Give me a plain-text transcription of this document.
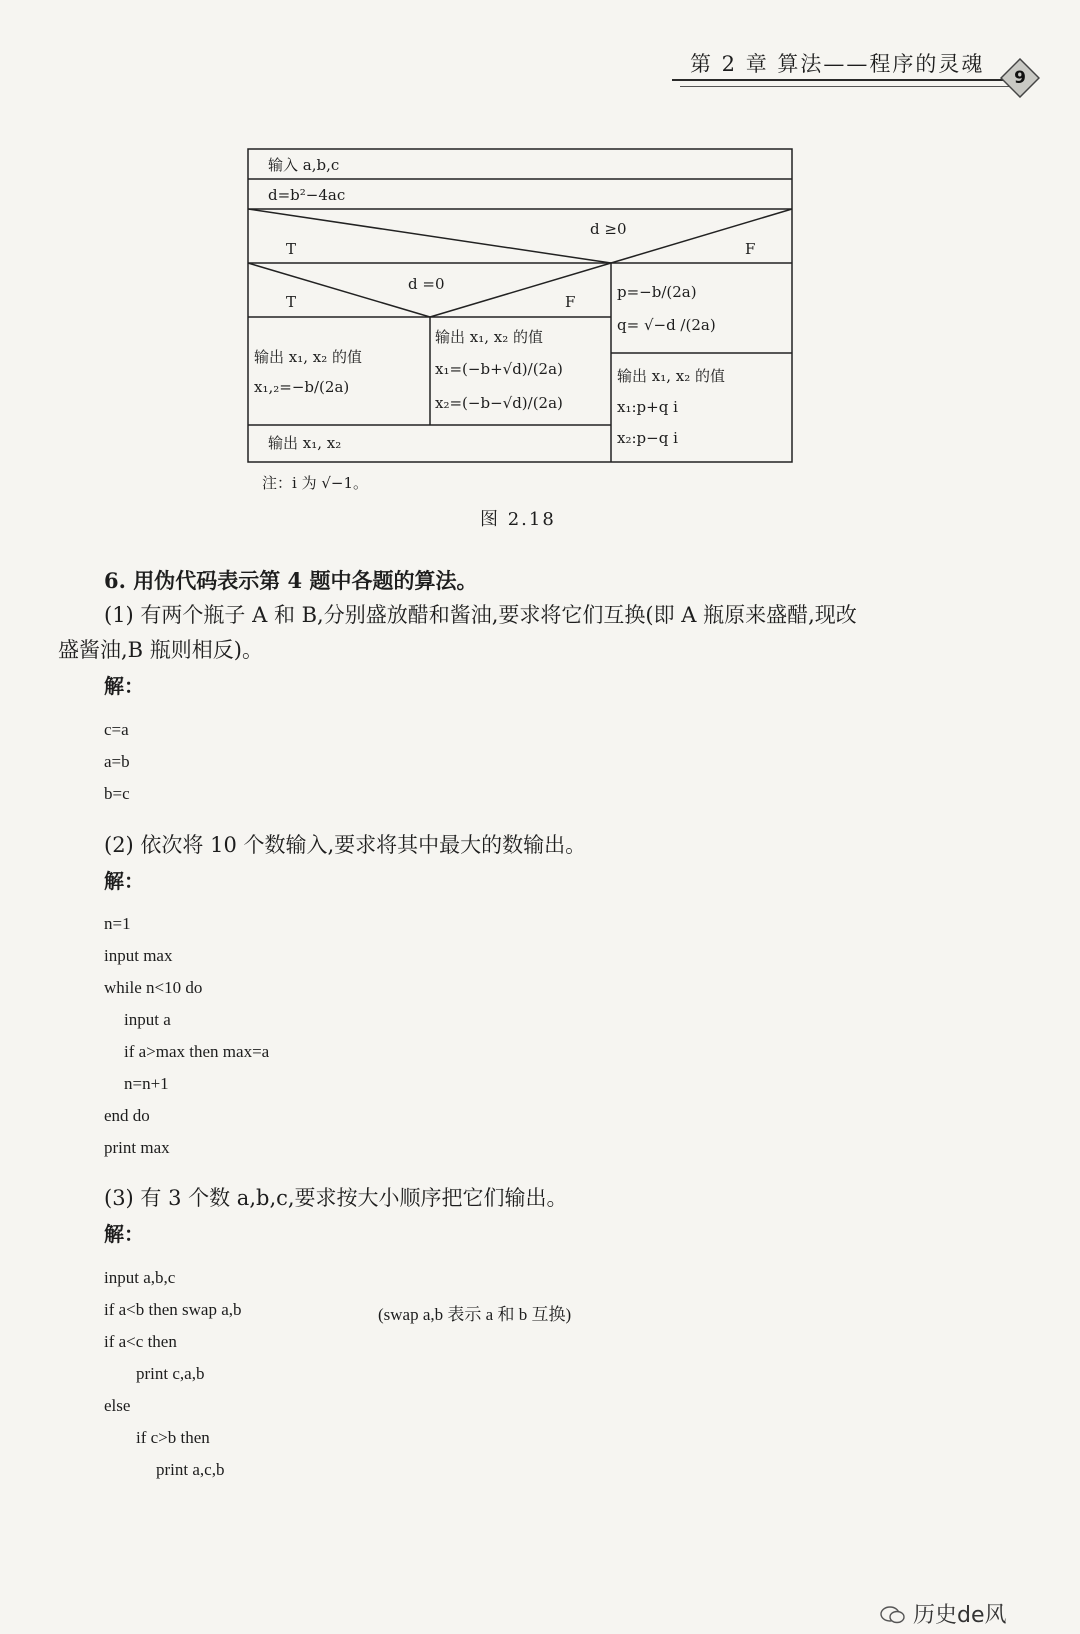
第 2 章 算法——程序的灵魂
9
输入 a,b,c
d=b²−4ac
d ≥0
T	F
d =0
T	F
p=−b/(2a)
q= √−d /(2a)
输出 x₁, x₂ 的值
x₁,₂=−b/(2a)
输出 x₁, x₂ 的值
x₁=(−b+√d)/(2a)
x₂=(−b−√d)/(2a)
输出 x₁, x₂ 的值
x₁:p+q i
x₂:p−q i
输出 x₁, x₂
注：i 为 √−1。
图 2.18
6. 用伪代码表示第 4 题中各题的算法。
(1) 有两个瓶子 A 和 B,分别盛放醋和酱油,要求将它们互换(即 A 瓶原来盛醋,现改
盛酱油,B 瓶则相反)。
解：
c=a
a=b
b=c
(2) 依次将 10 个数输入,要求将其中最大的数输出。
解：
n=1
input max
while n<10 do
input a
if a>max then max=a
n=n+1
end do
print max
(3) 有 3 个数 a,b,c,要求按大小顺序把它们输出。
解：
input a,b,c
if a<b then swap a,b	(swap a,b 表示 a 和 b 互换)
if a<c then
print c,a,b
else
if c>b then
print a,c,b
历史de风
